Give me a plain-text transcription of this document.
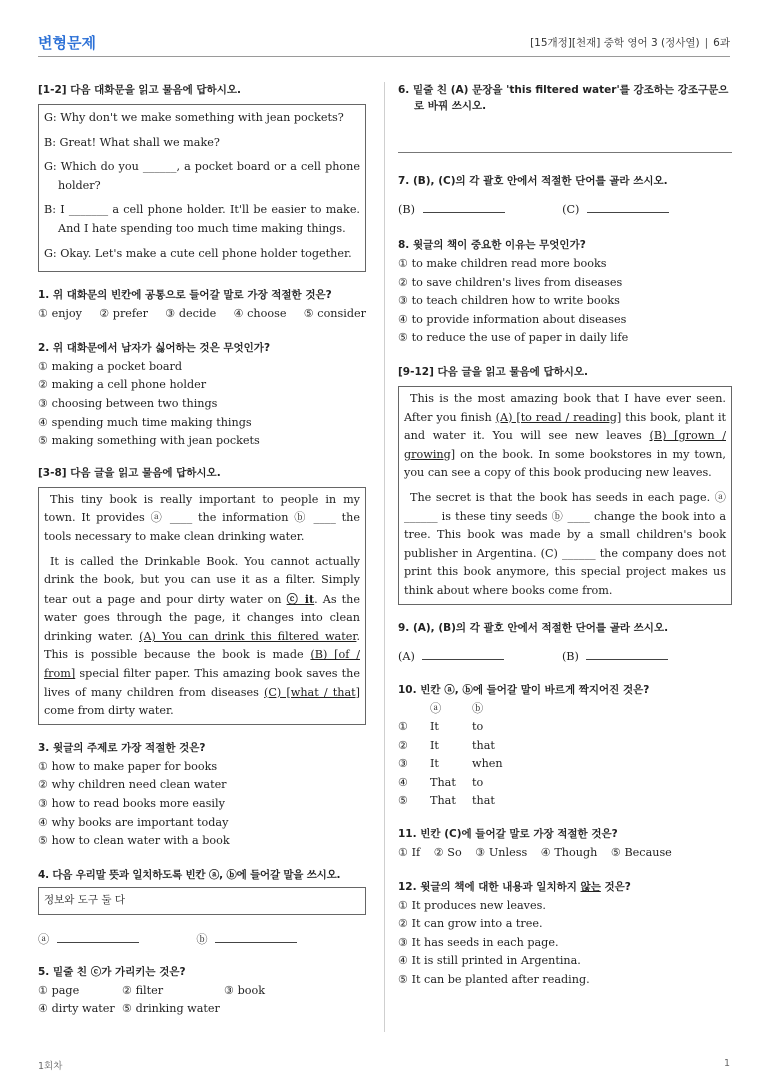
변형문제	[15개정][천재] 중학 영어 3 (정사열) | 6과
[1-2] 다음 대화문을 읽고 물음에 답하시오.

G: Why don't we make something with jean pockets?

B: Great! What shall we make?

G: Which do you ______, a pocket board or a cell phone holder?

B: I _______ a cell phone holder. It'll be easier to make. And I hate spending too much time making things.

G: Okay. Let's make a cute cell phone holder together.

1. 위 대화문의 빈칸에 공통으로 들어갈 말로 가장 적절한 것은?
① enjoy ② prefer ③ decide ④ choose ⑤ consider
2. 위 대화문에서 남자가 싫어하는 것은 무엇인가?
① making a pocket board
② making a cell phone holder
③ choosing between two things
④ spending much time making things
⑤ making something with jean pockets
[3-8] 다음 글을 읽고 물음에 답하시오.

This tiny book is really important to people in my town. It provides ⓐ ____ the information ⓑ ____ the tools necessary to make clean drinking water.

It is called the Drinkable Book. You cannot actually drink the book, but you can use it as a filter. Simply tear out a page and pour dirty water on ⓒ it. As the water goes through the page, it changes into clean drinking water. (A) You can drink this filtered water. This is possible because the book is made (B) [of / from] special filter paper. This amazing book saves the lives of many children from diseases (C) [what / that] come from dirty water.

3. 윗글의 주제로 가장 적절한 것은?
① how to make paper for books
② why children need clean water
③ how to read books more easily
④ why books are important today
⑤ how to clean water with a book
4. 다음 우리말 뜻과 일치하도록 빈칸 ⓐ, ⓑ에 들어갈 말을 쓰시오.
정보와 도구 둘 다
ⓐ	ⓑ
5. 밑줄 친 ⓒ가 가리키는 것은?
① page	② filter	③ book
④ dirty water ⑤ drinking water
6. 밑줄 친 (A) 문장을 'this filtered water'를 강조하는 강조구문으로 바꿔 쓰시오.
7. (B), (C)의 각 괄호 안에서 적절한 단어를 골라 쓰시오.
(B)	(C)
8. 윗글의 책이 중요한 이유는 무엇인가?
① to make children read more books
② to save children's lives from diseases
③ to teach children how to write books
④ to provide information about diseases
⑤ to reduce the use of paper in daily life
[9-12] 다음 글을 읽고 물음에 답하시오.

This is the most amazing book that I have ever seen. After you finish (A) [to read / reading] this book, plant it and water it. You will see new leaves (B) [grown / growing] on the book. In some bookstores in my town, you can see a copy of this book producing new leaves.

The secret is that the book has seeds in each page. ⓐ ______ is these tiny seeds ⓑ ____ change the book into a tree. This book was made by a small children's book publisher in Argentina. (C) ______ the company does not print this book anymore, this special project makes us think about where books come from.

9. (A), (B)의 각 괄호 안에서 적절한 단어를 골라 쓰시오.
(A)	(B)
10. 빈칸 ⓐ, ⓑ에 들어갈 말이 바르게 짝지어진 것은?
	ⓐ	ⓑ
①	It	to
②	It	that
③	It	when
④	That	to
⑤	That	that
11. 빈칸 (C)에 들어갈 말로 가장 적절한 것은?
① If ② So ③ Unless ④ Though ⑤ Because
12. 윗글의 책에 대한 내용과 일치하지 않는 것은?
① It produces new leaves.
② It can grow into a tree.
③ It has seeds in each page.
④ It is still printed in Argentina.
⑤ It can be planted after reading.
1회차	1
